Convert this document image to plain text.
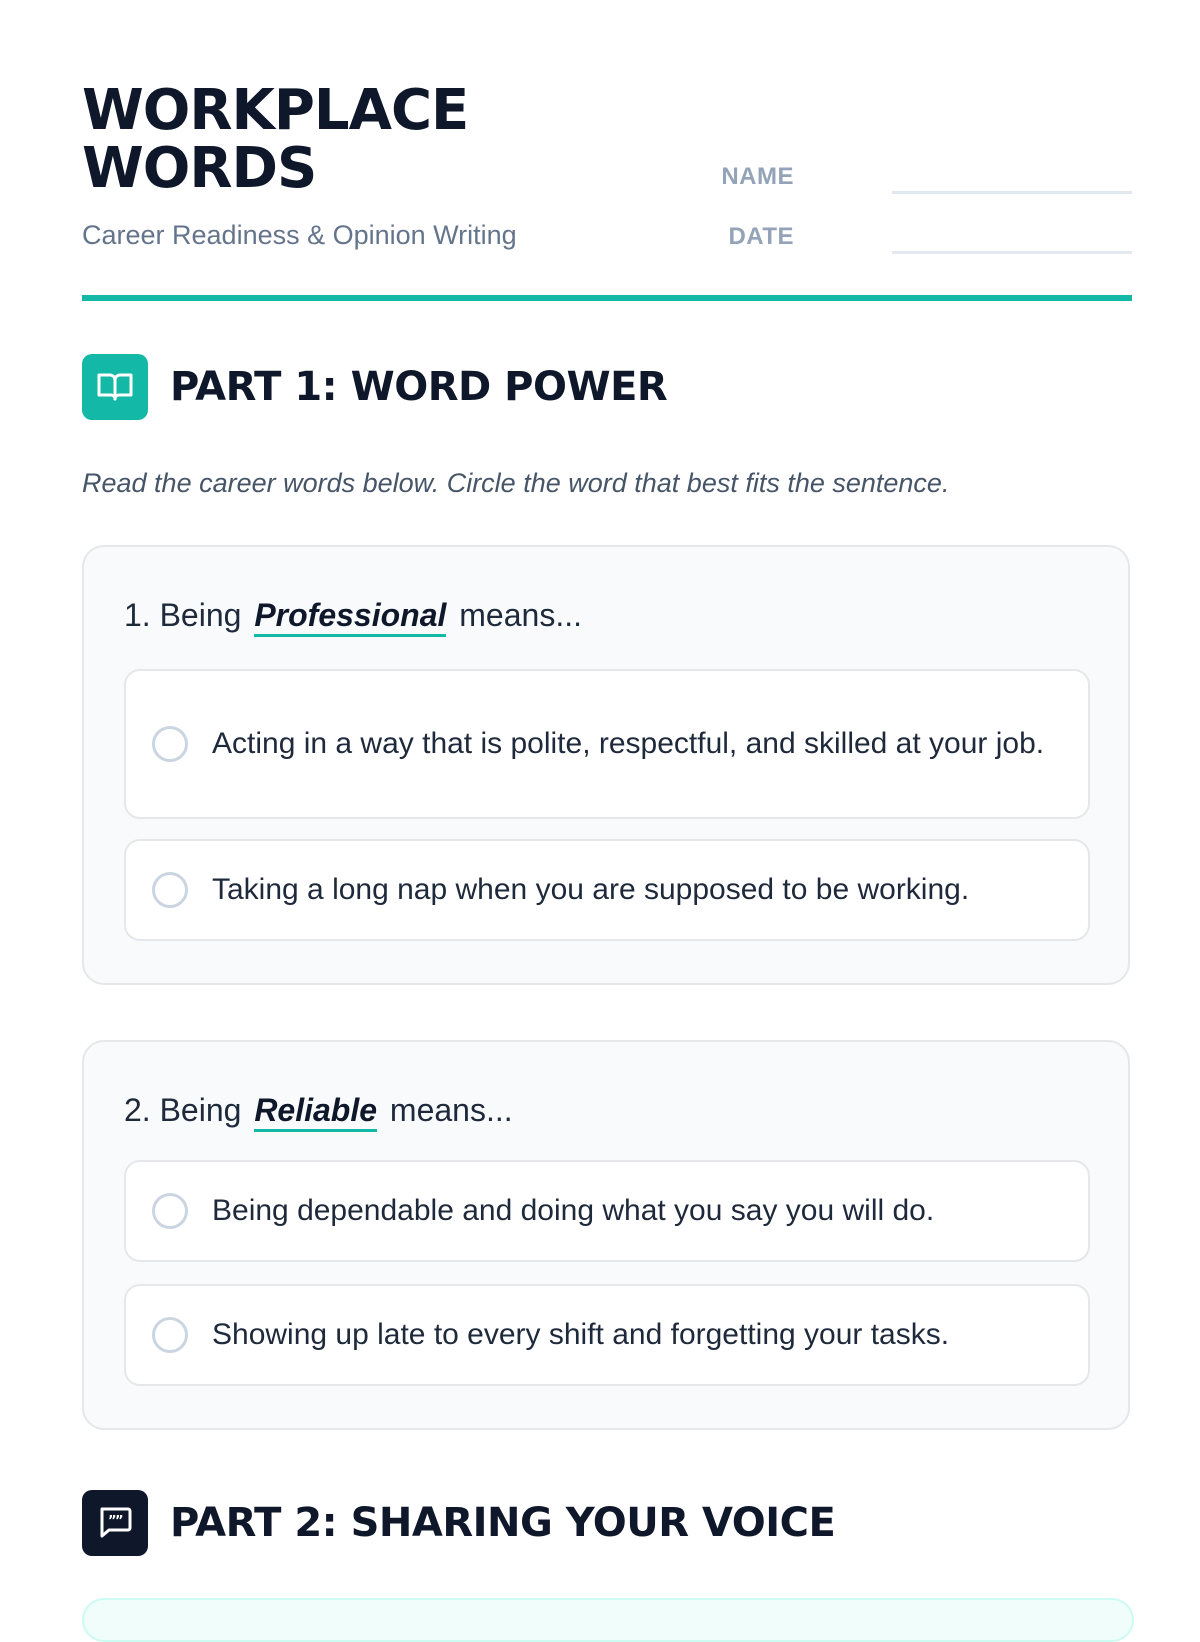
WORKPLACE
WORDS
Career Readiness & Opinion Writing
NAME
DATE
PART 1: WORD POWER
Read the career words below. Circle the word that best fits the sentence.
1. Being Professional means...
Acting in a way that is polite, respectful, and skilled at your job.
Taking a long nap when you are supposed to be working.
2. Being Reliable means...
Being dependable and doing what you say you will do.
Showing up late to every shift and forgetting your tasks.
”
” PART 2: SHARING YOUR VOICE
